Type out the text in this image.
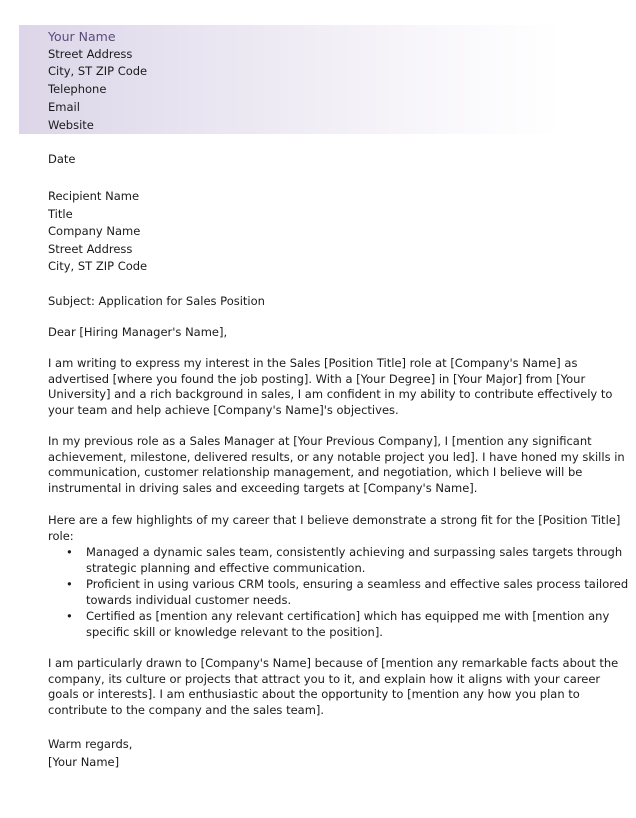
Your Name
Street Address
City, ST ZIP Code
Telephone
Email
Website
Date
Recipient Name
Title
Company Name
Street Address
City, ST ZIP Code
Subject: Application for Sales Position
Dear [Hiring Manager's Name],
I am writing to express my interest in the Sales [Position Title] role at [Company's Name] as
advertised [where you found the job posting]. With a [Your Degree] in [Your Major] from [Your
University] and a rich background in sales, I am confident in my ability to contribute effectively to
your team and help achieve [Company's Name]'s objectives.
In my previous role as a Sales Manager at [Your Previous Company], I [mention any significant
achievement, milestone, delivered results, or any notable project you led]. I have honed my skills in
communication, customer relationship management, and negotiation, which I believe will be
instrumental in driving sales and exceeding targets at [Company's Name].
Here are a few highlights of my career that I believe demonstrate a strong fit for the [Position Title]
role:
• Managed a dynamic sales team, consistently achieving and surpassing sales targets through
strategic planning and effective communication.
• Proficient in using various CRM tools, ensuring a seamless and effective sales process tailored
towards individual customer needs.
• Certified as [mention any relevant certification] which has equipped me with [mention any
specific skill or knowledge relevant to the position].
I am particularly drawn to [Company's Name] because of [mention any remarkable facts about the
company, its culture or projects that attract you to it, and explain how it aligns with your career
goals or interests]. I am enthusiastic about the opportunity to [mention any how you plan to
contribute to the company and the sales team].
Warm regards,
[Your Name]
